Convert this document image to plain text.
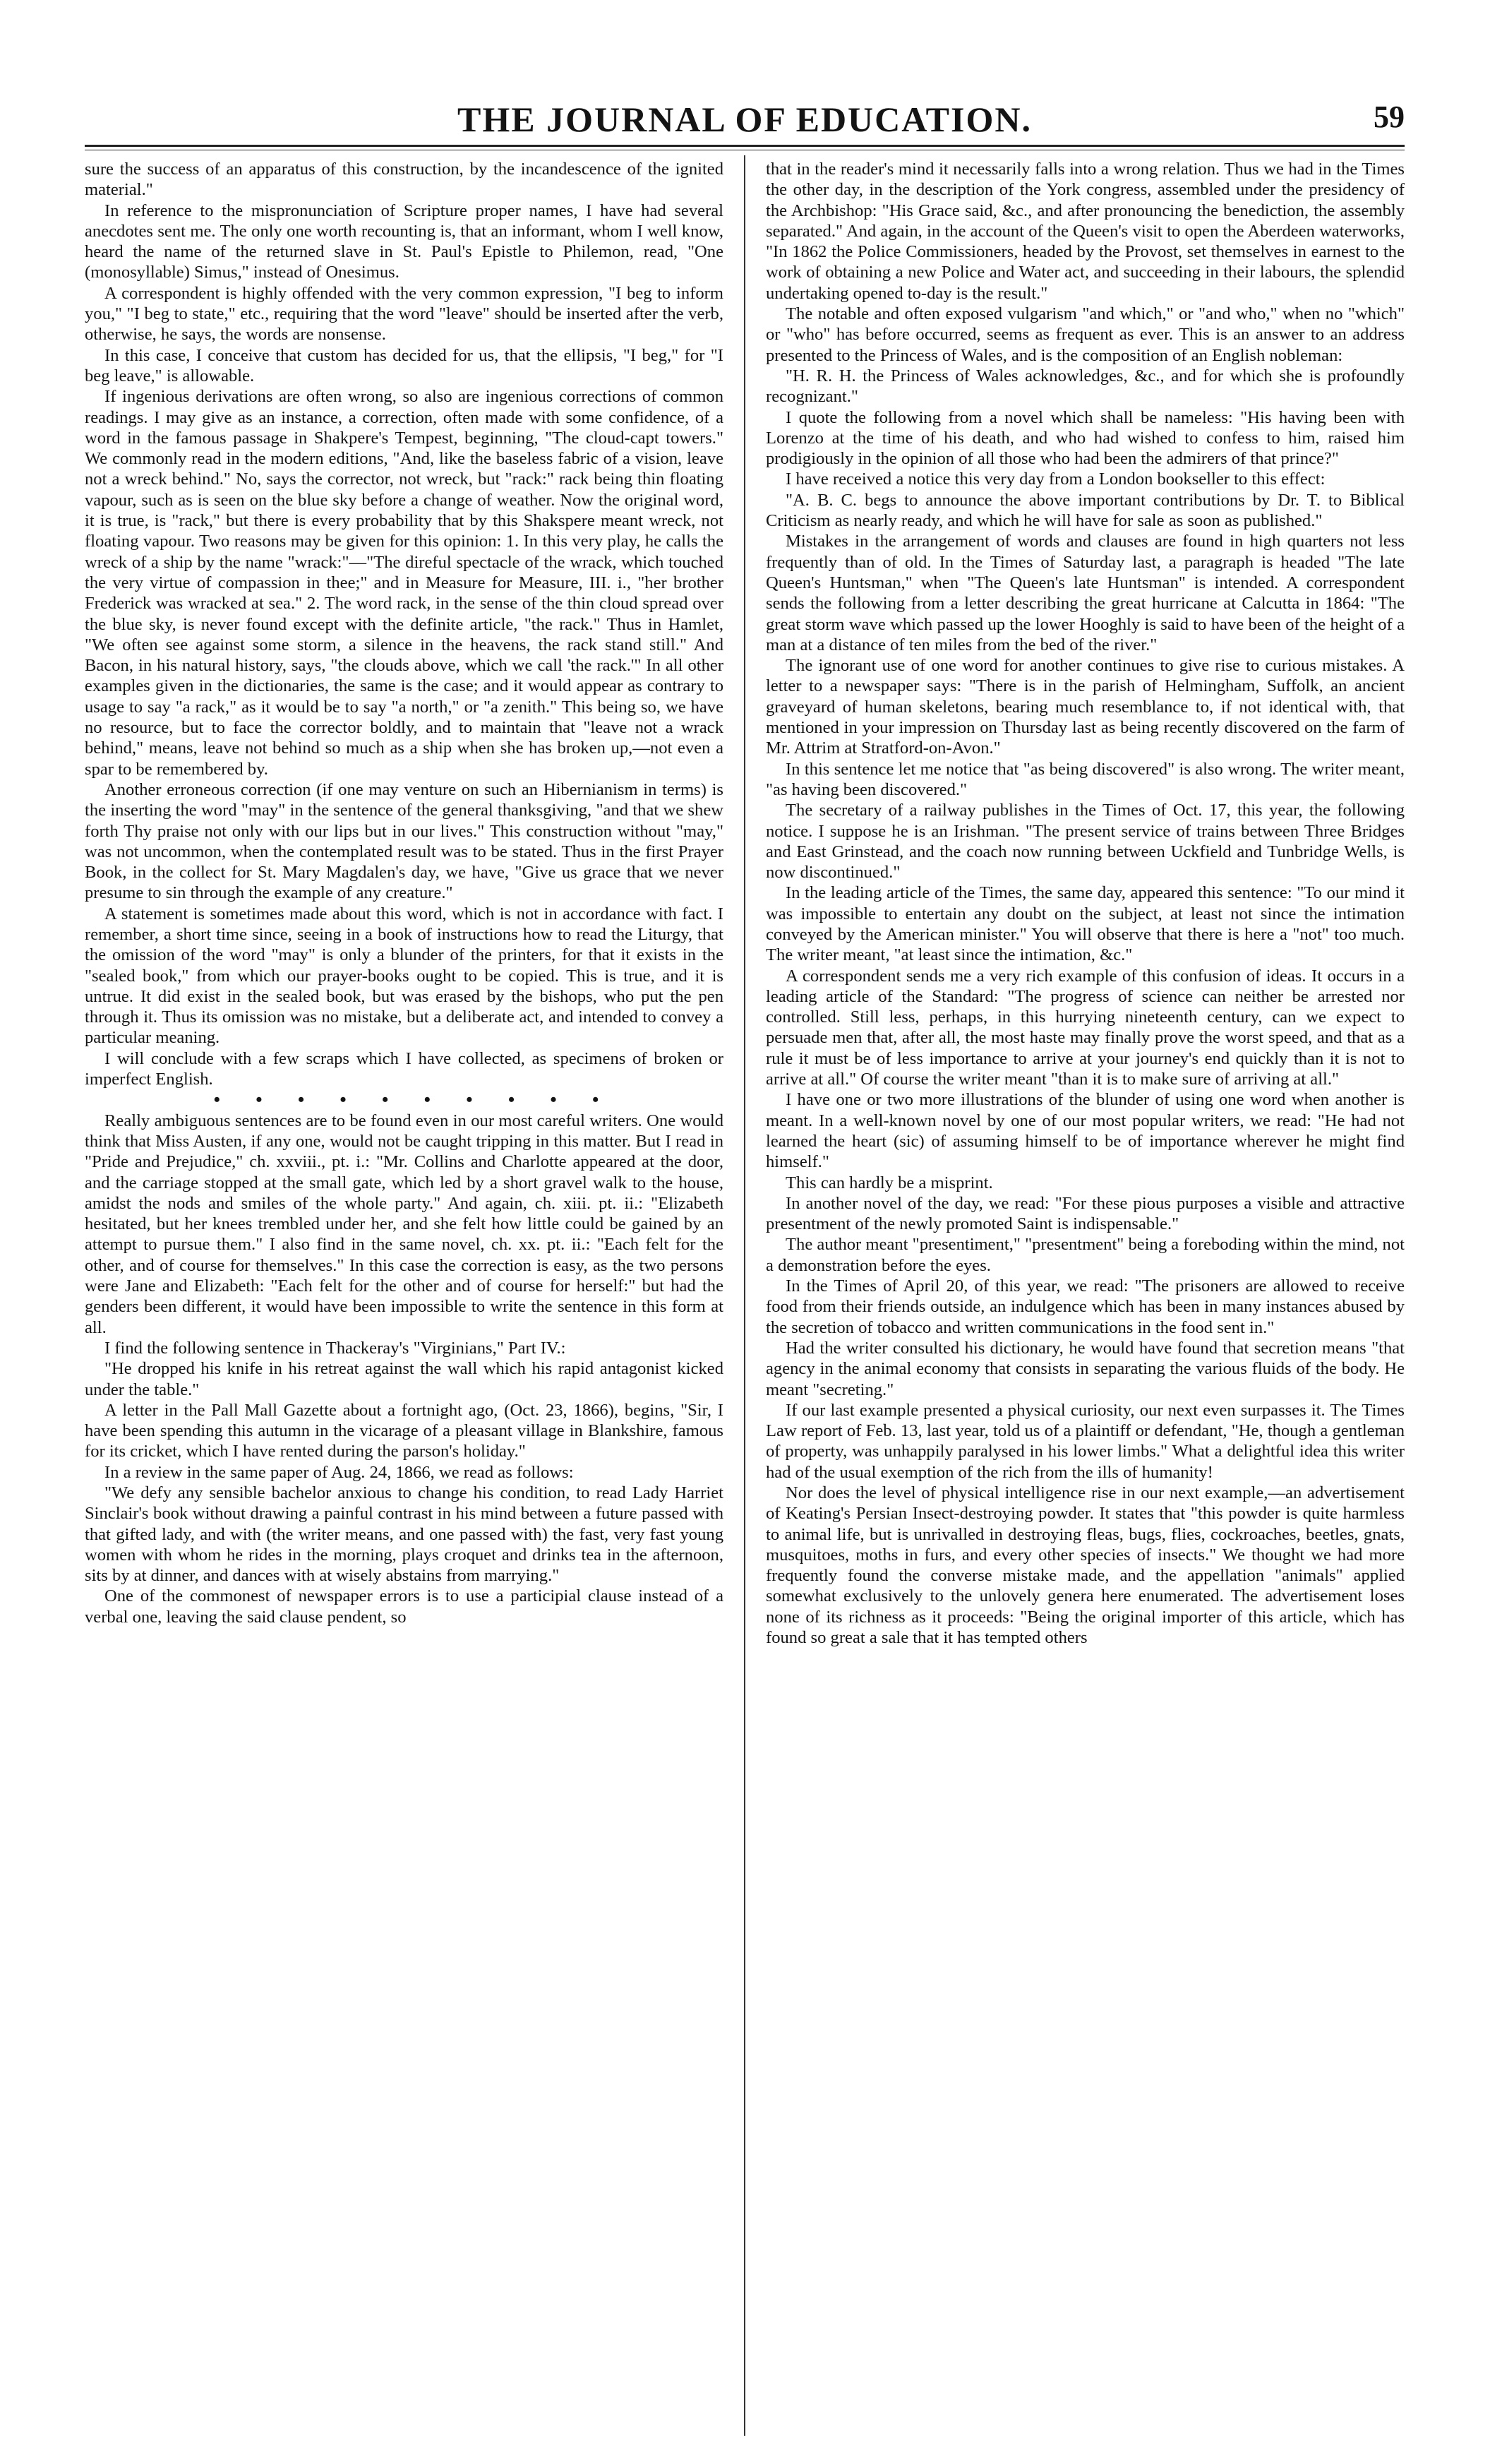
THE JOURNAL OF EDUCATION.	59

sure the success of an apparatus of this construction, by the incandescence of the ignited material."

In reference to the mispronunciation of Scripture proper names, I have had several anecdotes sent me. The only one worth recounting is, that an informant, whom I well know, heard the name of the returned slave in St. Paul's Epistle to Philemon, read, "One (monosyllable) Simus," instead of Onesimus.

A correspondent is highly offended with the very common expression, "I beg to inform you," "I beg to state," etc., requiring that the word "leave" should be inserted after the verb, otherwise, he says, the words are nonsense.

In this case, I conceive that custom has decided for us, that the ellipsis, "I beg," for "I beg leave," is allowable.

If ingenious derivations are often wrong, so also are ingenious corrections of common readings. I may give as an instance, a correction, often made with some confidence, of a word in the famous passage in Shakpere's Tempest, beginning, "The cloud-capt towers." We commonly read in the modern editions, "And, like the baseless fabric of a vision, leave not a wreck behind." No, says the corrector, not wreck, but "rack:" rack being thin floating vapour, such as is seen on the blue sky before a change of weather. Now the original word, it is true, is "rack," but there is every probability that by this Shakspere meant wreck, not floating vapour. Two reasons may be given for this opinion: 1. In this very play, he calls the wreck of a ship by the name "wrack:"—"The direful spectacle of the wrack, which touched the very virtue of compassion in thee;" and in Measure for Measure, III. i., "her brother Frederick was wracked at sea." 2. The word rack, in the sense of the thin cloud spread over the blue sky, is never found except with the definite article, "the rack." Thus in Hamlet, "We often see against some storm, a silence in the heavens, the rack stand still." And Bacon, in his natural history, says, "the clouds above, which we call 'the rack.'" In all other examples given in the dictionaries, the same is the case; and it would appear as contrary to usage to say "a rack," as it would be to say "a north," or "a zenith." This being so, we have no resource, but to face the corrector boldly, and to maintain that "leave not a wrack behind," means, leave not behind so much as a ship when she has broken up,—not even a spar to be remembered by.

Another erroneous correction (if one may venture on such an Hibernianism in terms) is the inserting the word "may" in the sentence of the general thanksgiving, "and that we shew forth Thy praise not only with our lips but in our lives." This construction without "may," was not uncommon, when the contemplated result was to be stated. Thus in the first Prayer Book, in the collect for St. Mary Magdalen's day, we have, "Give us grace that we never presume to sin through the example of any creature."

A statement is sometimes made about this word, which is not in accordance with fact. I remember, a short time since, seeing in a book of instructions how to read the Liturgy, that the omission of the word "may" is only a blunder of the printers, for that it exists in the "sealed book," from which our prayer-books ought to be copied. This is true, and it is untrue. It did exist in the sealed book, but was erased by the bishops, who put the pen through it. Thus its omission was no mistake, but a deliberate act, and intended to convey a particular meaning.

I will conclude with a few scraps which I have collected, as specimens of broken or imperfect English.

• • • • • • • • • •

Really ambiguous sentences are to be found even in our most careful writers. One would think that Miss Austen, if any one, would not be caught tripping in this matter. But I read in "Pride and Prejudice," ch. xxviii., pt. i.: "Mr. Collins and Charlotte appeared at the door, and the carriage stopped at the small gate, which led by a short gravel walk to the house, amidst the nods and smiles of the whole party." And again, ch. xiii. pt. ii.: "Elizabeth hesitated, but her knees trembled under her, and she felt how little could be gained by an attempt to pursue them." I also find in the same novel, ch. xx. pt. ii.: "Each felt for the other, and of course for themselves." In this case the correction is easy, as the two persons were Jane and Elizabeth: "Each felt for the other and of course for herself:" but had the genders been different, it would have been impossible to write the sentence in this form at all.

I find the following sentence in Thackeray's "Virginians," Part IV.:

"He dropped his knife in his retreat against the wall which his rapid antagonist kicked under the table."

A letter in the Pall Mall Gazette about a fortnight ago, (Oct. 23, 1866), begins, "Sir, I have been spending this autumn in the vicarage of a pleasant village in Blankshire, famous for its cricket, which I have rented during the parson's holiday."

In a review in the same paper of Aug. 24, 1866, we read as follows:

"We defy any sensible bachelor anxious to change his condition, to read Lady Harriet Sinclair's book without drawing a painful contrast in his mind between a future passed with that gifted lady, and with (the writer means, and one passed with) the fast, very fast young women with whom he rides in the morning, plays croquet and drinks tea in the afternoon, sits by at dinner, and dances with at wisely abstains from marrying."

One of the commonest of newspaper errors is to use a participial clause instead of a verbal one, leaving the said clause pendent, so

that in the reader's mind it necessarily falls into a wrong relation. Thus we had in the Times the other day, in the description of the York congress, assembled under the presidency of the Archbishop: "His Grace said, &c., and after pronouncing the benediction, the assembly separated." And again, in the account of the Queen's visit to open the Aberdeen waterworks, "In 1862 the Police Commissioners, headed by the Provost, set themselves in earnest to the work of obtaining a new Police and Water act, and succeeding in their labours, the splendid undertaking opened to-day is the result."

The notable and often exposed vulgarism "and which," or "and who," when no "which" or "who" has before occurred, seems as frequent as ever. This is an answer to an address presented to the Princess of Wales, and is the composition of an English nobleman:

"H. R. H. the Princess of Wales acknowledges, &c., and for which she is profoundly recognizant."

I quote the following from a novel which shall be nameless: "His having been with Lorenzo at the time of his death, and who had wished to confess to him, raised him prodigiously in the opinion of all those who had been the admirers of that prince?"

I have received a notice this very day from a London bookseller to this effect:

"A. B. C. begs to announce the above important contributions by Dr. T. to Biblical Criticism as nearly ready, and which he will have for sale as soon as published."

Mistakes in the arrangement of words and clauses are found in high quarters not less frequently than of old. In the Times of Saturday last, a paragraph is headed "The late Queen's Huntsman," when "The Queen's late Huntsman" is intended. A correspondent sends the following from a letter describing the great hurricane at Calcutta in 1864: "The great storm wave which passed up the lower Hooghly is said to have been of the height of a man at a distance of ten miles from the bed of the river."

The ignorant use of one word for another continues to give rise to curious mistakes. A letter to a newspaper says: "There is in the parish of Helmingham, Suffolk, an ancient graveyard of human skeletons, bearing much resemblance to, if not identical with, that mentioned in your impression on Thursday last as being recently discovered on the farm of Mr. Attrim at Stratford-on-Avon."

In this sentence let me notice that "as being discovered" is also wrong. The writer meant, "as having been discovered."

The secretary of a railway publishes in the Times of Oct. 17, this year, the following notice. I suppose he is an Irishman. "The present service of trains between Three Bridges and East Grinstead, and the coach now running between Uckfield and Tunbridge Wells, is now discontinued."

In the leading article of the Times, the same day, appeared this sentence: "To our mind it was impossible to entertain any doubt on the subject, at least not since the intimation conveyed by the American minister." You will observe that there is here a "not" too much. The writer meant, "at least since the intimation, &c."

A correspondent sends me a very rich example of this confusion of ideas. It occurs in a leading article of the Standard: "The progress of science can neither be arrested nor controlled. Still less, perhaps, in this hurrying nineteenth century, can we expect to persuade men that, after all, the most haste may finally prove the worst speed, and that as a rule it must be of less importance to arrive at your journey's end quickly than it is not to arrive at all." Of course the writer meant "than it is to make sure of arriving at all."

I have one or two more illustrations of the blunder of using one word when another is meant. In a well-known novel by one of our most popular writers, we read: "He had not learned the heart (sic) of assuming himself to be of importance wherever he might find himself."

This can hardly be a misprint.

In another novel of the day, we read: "For these pious purposes a visible and attractive presentment of the newly promoted Saint is indispensable."

The author meant "presentiment," "presentment" being a foreboding within the mind, not a demonstration before the eyes.

In the Times of April 20, of this year, we read: "The prisoners are allowed to receive food from their friends outside, an indulgence which has been in many instances abused by the secretion of tobacco and written communications in the food sent in."

Had the writer consulted his dictionary, he would have found that secretion means "that agency in the animal economy that consists in separating the various fluids of the body. He meant "secreting."

If our last example presented a physical curiosity, our next even surpasses it. The Times Law report of Feb. 13, last year, told us of a plaintiff or defendant, "He, though a gentleman of property, was unhappily paralysed in his lower limbs." What a delightful idea this writer had of the usual exemption of the rich from the ills of humanity!

Nor does the level of physical intelligence rise in our next example,—an advertisement of Keating's Persian Insect-destroying powder. It states that "this powder is quite harmless to animal life, but is unrivalled in destroying fleas, bugs, flies, cockroaches, beetles, gnats, musquitoes, moths in furs, and every other species of insects." We thought we had more frequently found the converse mistake made, and the appellation "animals" applied somewhat exclusively to the unlovely genera here enumerated. The advertisement loses none of its richness as it proceeds: "Being the original importer of this article, which has found so great a sale that it has tempted others
